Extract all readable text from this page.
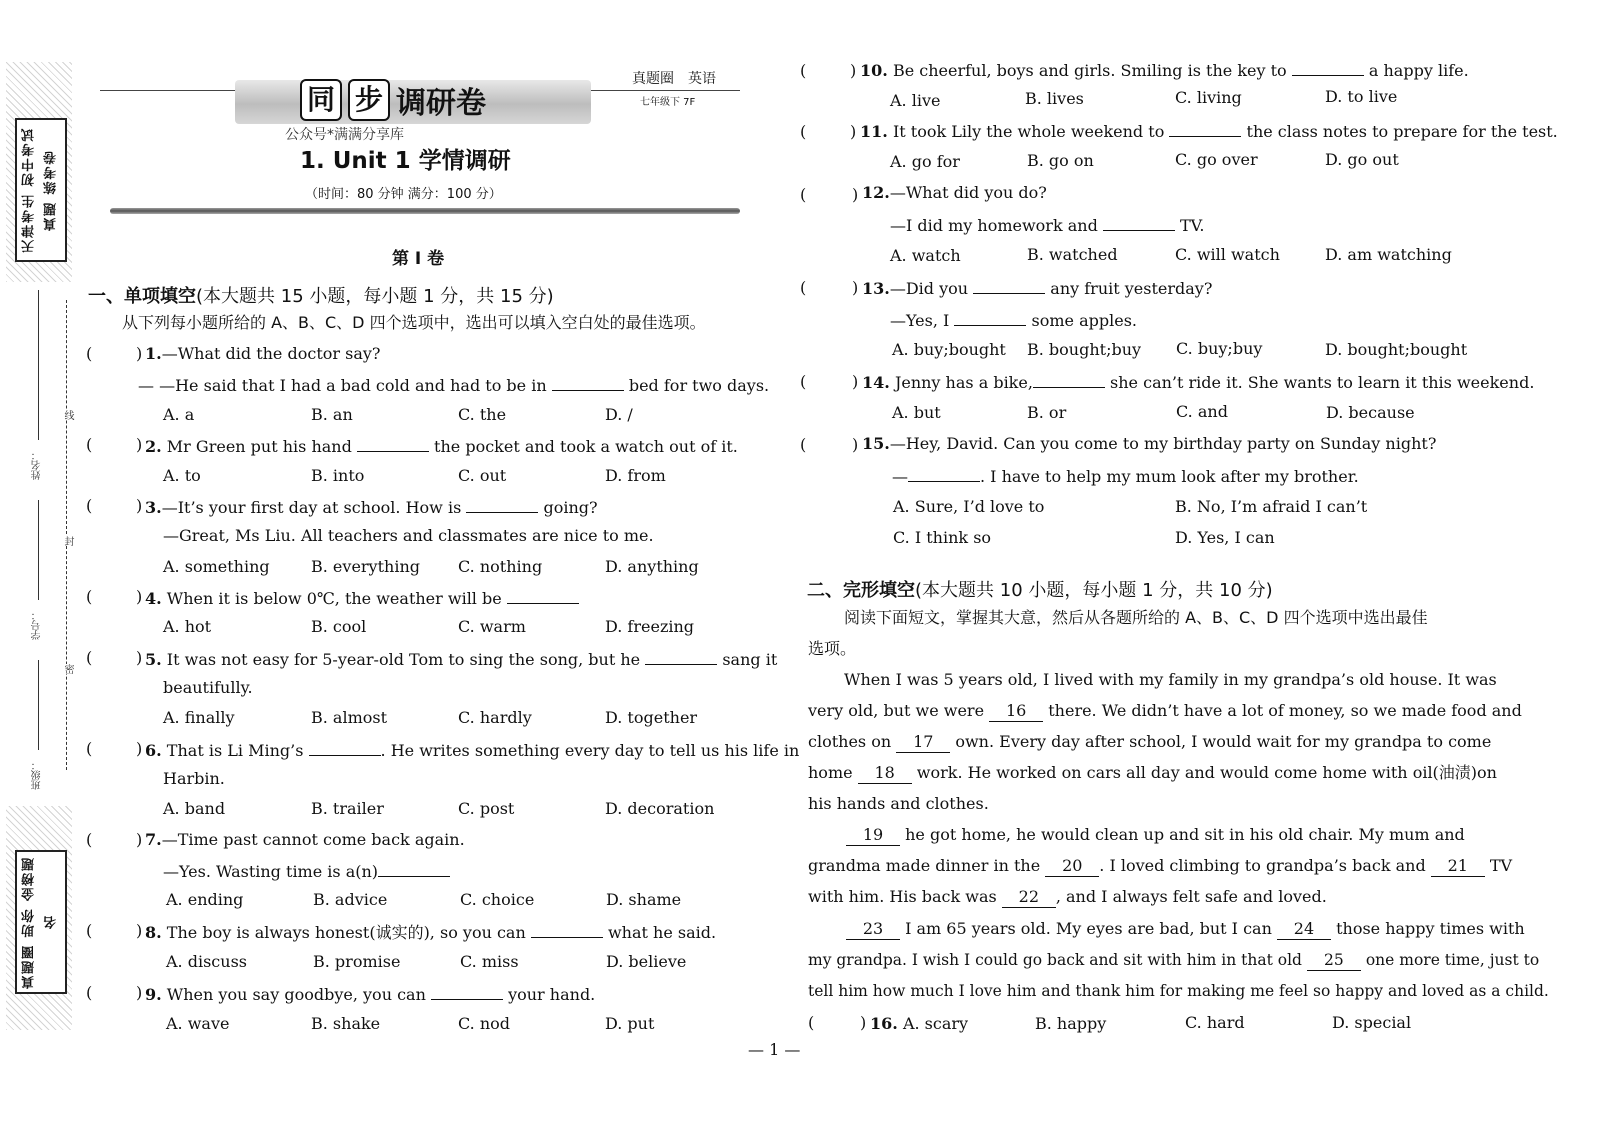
天津考生 初中考试真题 练考卷
真题圈 助你 金榜题名
姓名：
学号：
班级：
线
封
密
同 步 调研卷
真题圈 英语
七年级下 7F
公众号*满满分享库
1. Unit 1 学情调研
（时间：80 分钟 满分：100 分）
第 I 卷
一、单项填空(本大题共 15 小题，每小题 1 分，共 15 分)
从下列每小题所给的 A、B、C、D 四个选项中，选出可以填入空白处的最佳选项。
(	) 1.—What did the doctor say?
— —He said that I had a bad cold and had to be in	bed for two days.
A. a	B. an	C. the	D. /
(	) 2. Mr Green put his hand	the pocket and took a watch out of it.
A. to	B. into	C. out	D. from
(	) 3.—It’s your first day at school. How is	going?
—Great, Ms Liu. All teachers and classmates are nice to me.
A. something	B. everything C. nothing	D. anything
(	) 4. When it is below 0℃, the weather will be
A. hot	B. cool	C. warm	D. freezing
(	) 5. It was not easy for 5-year-old Tom to sing the song, but he	sang it
beautifully.
A. finally	B. almost	C. hardly	D. together
(	) 6. That is Li Ming’s	. He writes something every day to tell us his life in
Harbin.
A. band	B. trailer	C. post	D. decoration
(	) 7.—Time past cannot come back again.
—Yes. Wasting time is a(n)
A. ending	B. advice	C. choice	D. shame
(	) 8. The boy is always honest(诚实的), so you can	what he said.
A. discuss	B. promise	C. miss	D. believe
(	) 9. When you say goodbye, you can	your hand.
A. wave	B. shake	C. nod	D. put
(	) 10. Be cheerful, boys and girls. Smiling is the key to	a happy life.
A. live	B. lives	C. living	D. to live
(	) 11. It took Lily the whole weekend to	the class notes to prepare for the test.
A. go for	B. go on	C. go over	D. go out
(	) 12.—What did you do?
—I did my homework and	TV.
A. watch	B. watched	C. will watch	D. am watching
(	) 13.—Did you	any fruit yesterday?
—Yes, I	some apples.
A. buy;bought B. bought;buy C. buy;buy	D. bought;bought
(	) 14. Jenny has a bike,	she can’t ride it. She wants to learn it this weekend.
A. but	B. or	C. and	D. because
(	) 15.—Hey, David. Can you come to my birthday party on Sunday night?
—	. I have to help my mum look after my brother.
A. Sure, I’d love to	B. No, I’m afraid I can’t
C. I think so	D. Yes, I can
二、完形填空(本大题共 10 小题，每小题 1 分，共 10 分)
阅读下面短文，掌握其大意，然后从各题所给的 A、B、C、D 四个选项中选出最佳
选项。
When I was 5 years old, I lived with my family in my grandpa’s old house. It was
very old, but we were 16 there. We didn’t have a lot of money, so we made food and
clothes on 17 own. Every day after school, I would wait for my grandpa to come
home 18 work. He worked on cars all day and would come home with oil(油渍)on
his hands and clothes.
19 he got home, he would clean up and sit in his old chair. My mum and
grandma made dinner in the 20 . I loved climbing to grandpa’s back and 21 TV
with him. His back was 22 , and I always felt safe and loved.
23 I am 65 years old. My eyes are bad, but I can 24 those happy times with
my grandpa. I wish I could go back and sit with him in that old 25 one more time, just to
tell him how much I love him and thank him for making me feel so happy and loved as a child.
(	) 16. A. scary	B. happy	C. hard	D. special
— 1 —
